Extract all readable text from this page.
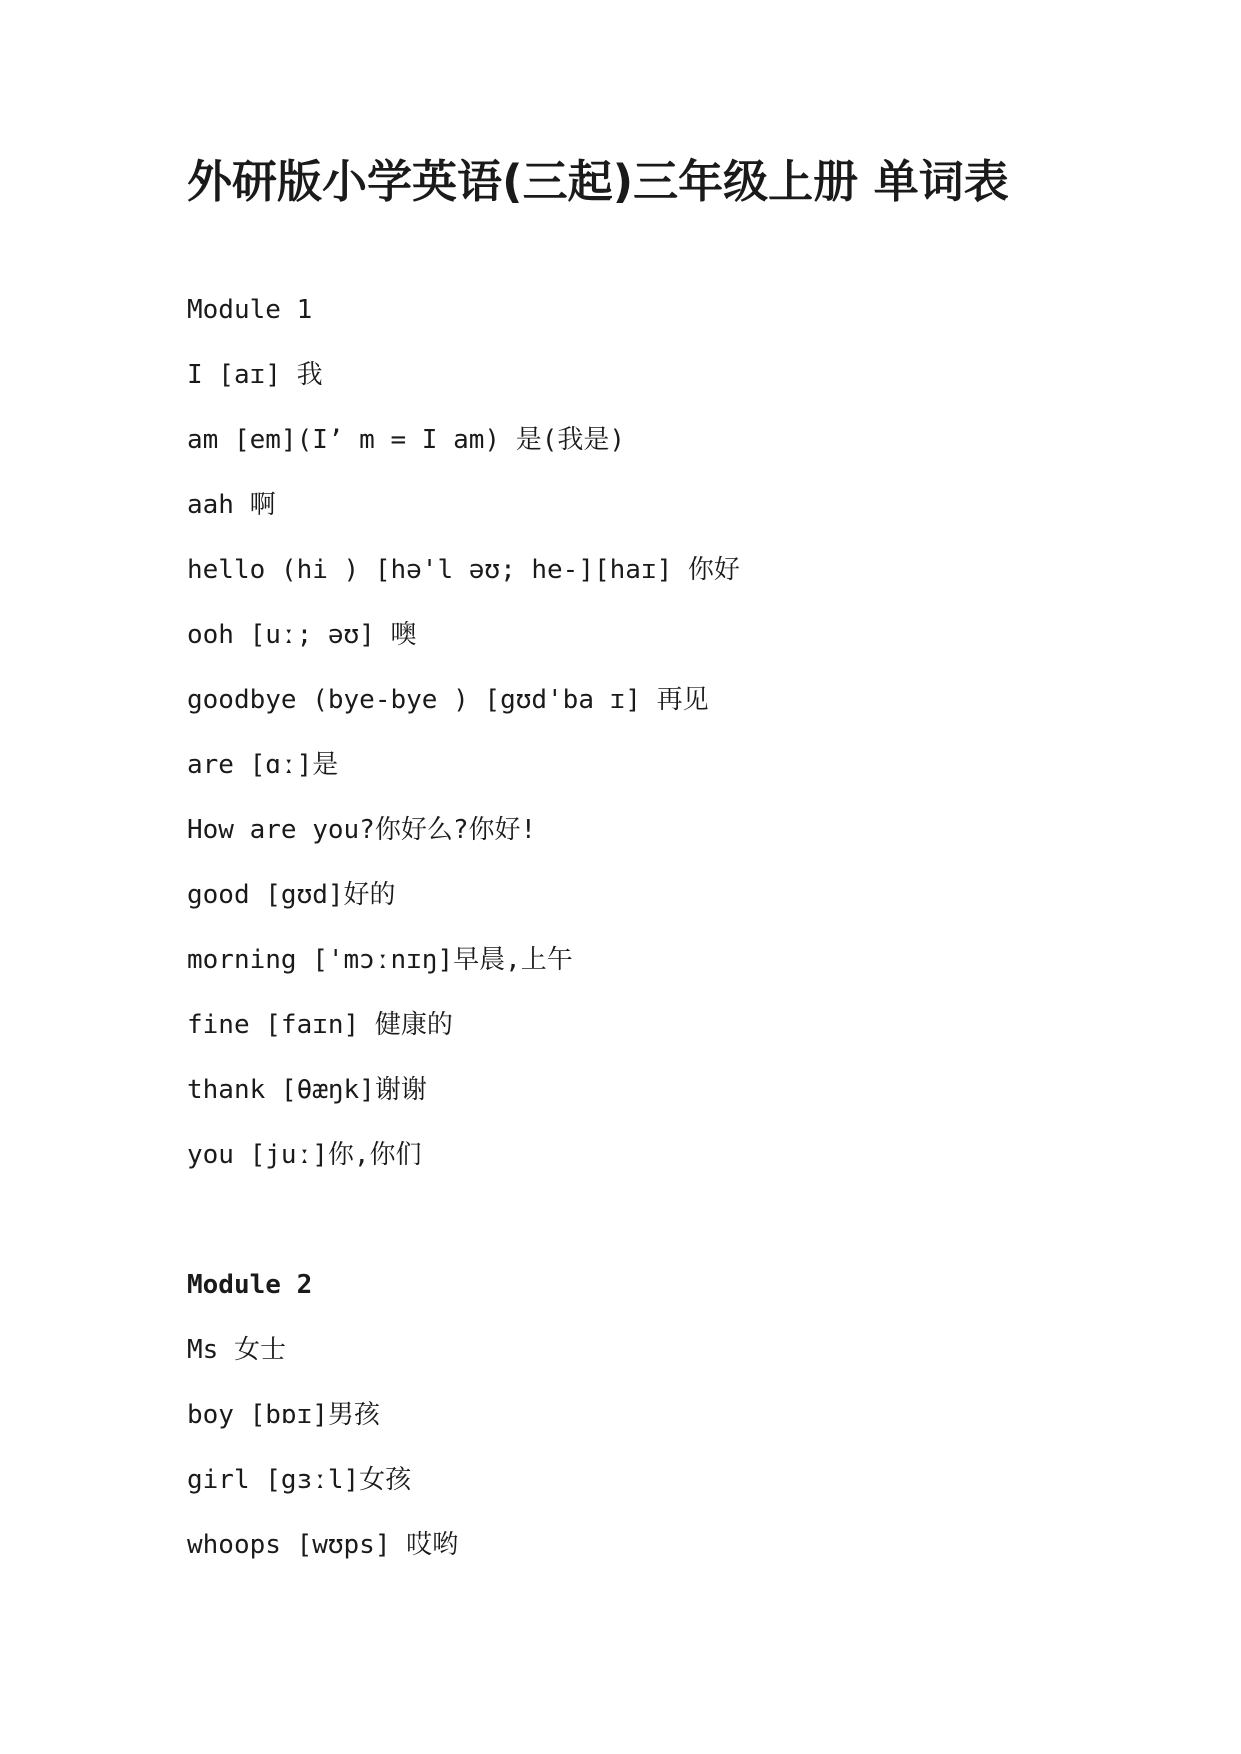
外研版小学英语(三起)三年级上册 单词表
Module 1
I [aɪ] 我
am [em](I’ m = I am) 是(我是)
aah 啊
hello (hi ) [hə'l əʊ; he-][haɪ] 你好
ooh [uː; əʊ] 噢
goodbye (bye-bye ) [gʊd'ba ɪ] 再见
are [ɑː]是
How are you?你好么?你好!
good [gʊd]好的
morning ['mɔːnɪŋ]早晨,上午
fine [faɪn] 健康的
thank [θæŋk]谢谢
you [juː]你,你们
Module 2
Ms 女士
boy [bɒɪ]男孩
girl [gɜːl]女孩
whoops [wʊps] 哎哟
